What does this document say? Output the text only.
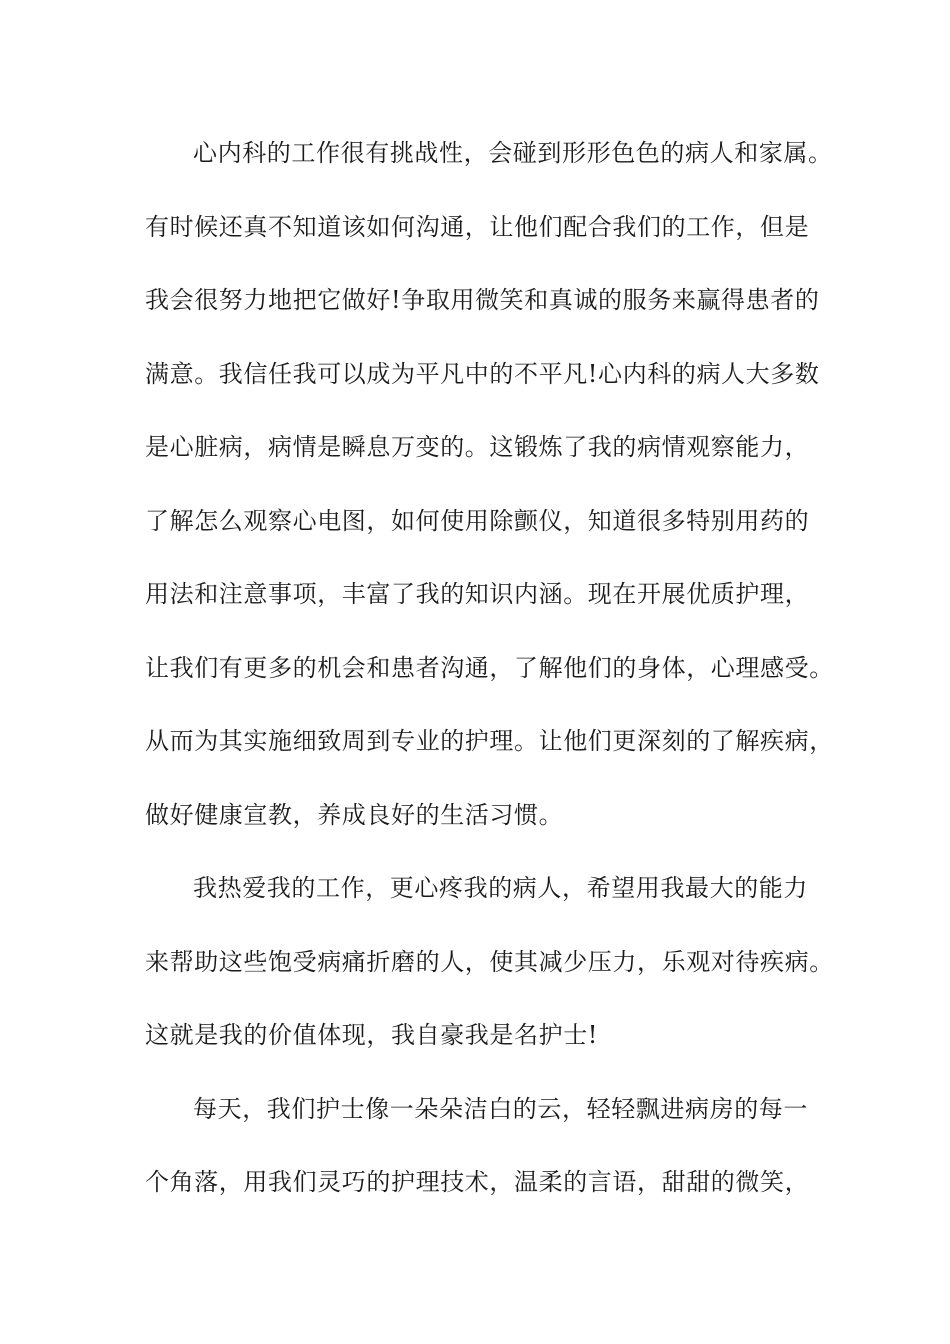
心内科的工作很有挑战性，会碰到形形色色的病人和家属。
有时候还真不知道该如何沟通，让他们配合我们的工作，但是
我会很努力地把它做好!争取用微笑和真诚的服务来赢得患者的
满意。我信任我可以成为平凡中的不平凡!心内科的病人大多数
是心脏病，病情是瞬息万变的。这锻炼了我的病情观察能力，
了解怎么观察心电图，如何使用除颤仪，知道很多特别用药的
用法和注意事项，丰富了我的知识内涵。现在开展优质护理，
让我们有更多的机会和患者沟通，了解他们的身体，心理感受。
从而为其实施细致周到专业的护理。让他们更深刻的了解疾病，
做好健康宣教，养成良好的生活习惯。
我热爱我的工作，更心疼我的病人，希望用我最大的能力
来帮助这些饱受病痛折磨的人，使其减少压力，乐观对待疾病。
这就是我的价值体现，我自豪我是名护士!
每天，我们护士像一朵朵洁白的云，轻轻飘进病房的每一
个角落，用我们灵巧的护理技术，温柔的言语，甜甜的微笑，
